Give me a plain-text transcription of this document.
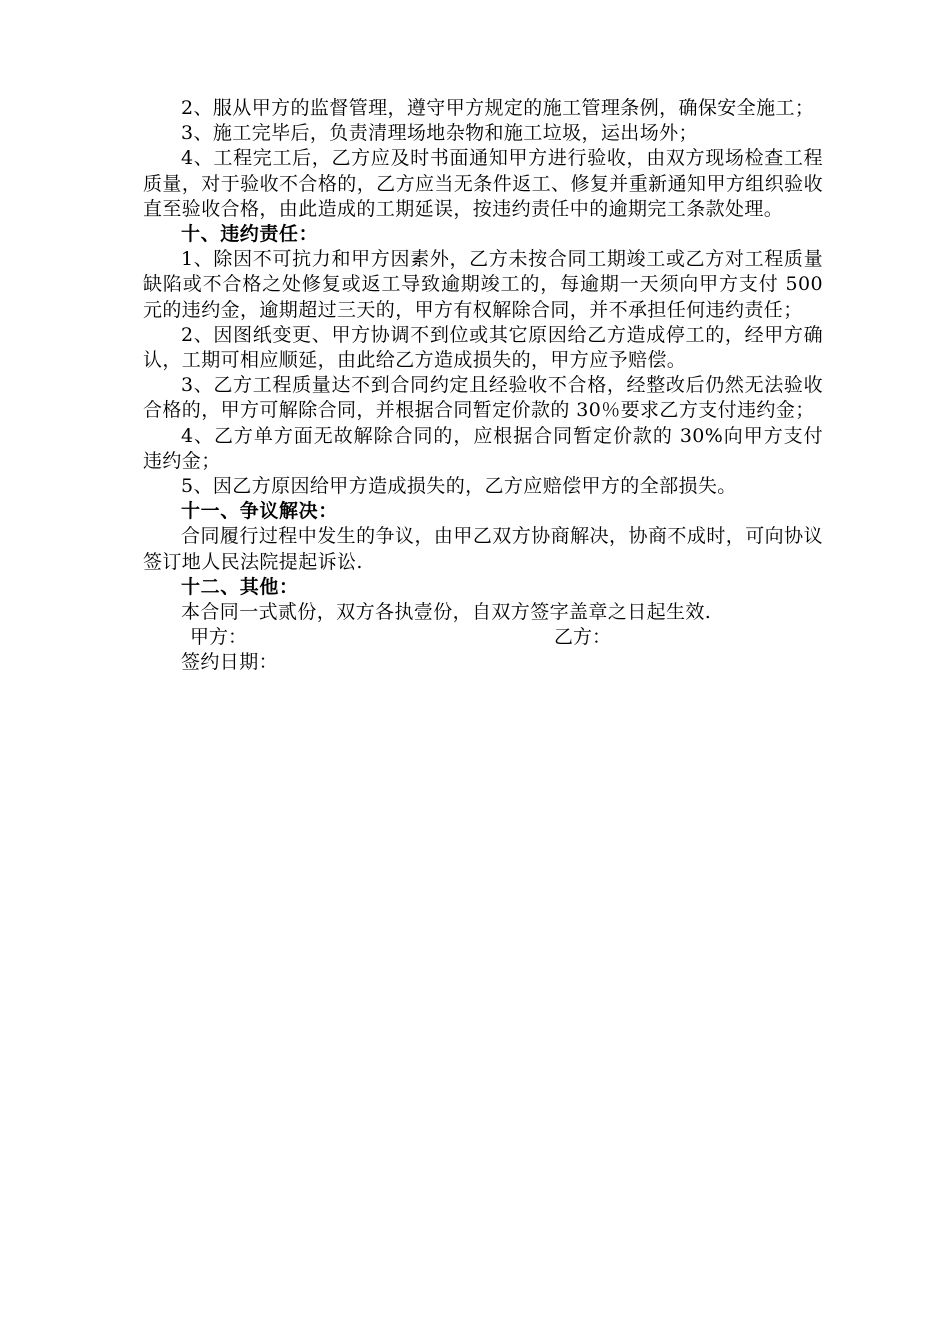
2、服从甲方的监督管理，遵守甲方规定的施工管理条例，确保安全施工；

3、施工完毕后，负责清理场地杂物和施工垃圾，运出场外；

4、工程完工后，乙方应及时书面通知甲方进行验收，由双方现场检查工程质量，对于验收不合格的，乙方应当无条件返工、修复并重新通知甲方组织验收直至验收合格，由此造成的工期延误，按违约责任中的逾期完工条款处理。

十、违约责任：

1、除因不可抗力和甲方因素外，乙方未按合同工期竣工或乙方对工程质量缺陷或不合格之处修复或返工导致逾期竣工的，每逾期一天须向甲方支付 500 元的违约金，逾期超过三天的，甲方有权解除合同，并不承担任何违约责任；

2、因图纸变更、甲方协调不到位或其它原因给乙方造成停工的，经甲方确认，工期可相应顺延，由此给乙方造成损失的，甲方应予赔偿。

3、乙方工程质量达不到合同约定且经验收不合格，经整改后仍然无法验收合格的，甲方可解除合同，并根据合同暂定价款的 30％要求乙方支付违约金；

4、乙方单方面无故解除合同的，应根据合同暂定价款的 30%向甲方支付违约金；

5、因乙方原因给甲方造成损失的，乙方应赔偿甲方的全部损失。

十一、争议解决：

合同履行过程中发生的争议，由甲乙双方协商解决，协商不成时，可向协议签订地人民法院提起诉讼.

十二、其他：

本合同一式贰份，双方各执壹份，自双方签字盖章之日起生效.

甲方：	乙方：

签约日期：
